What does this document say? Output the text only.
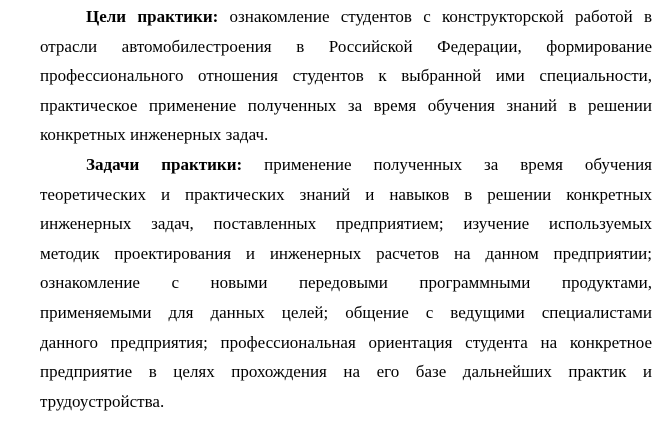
Цели практики: ознакомление студентов с конструкторской работой в
отрасли автомобилестроения в Российской Федерации, формирование
профессионального отношения студентов к выбранной ими специальности,
практическое применение полученных за время обучения знаний в решении
конкретных инженерных задач.
Задачи практики: применение полученных за время обучения
теоретических и практических знаний и навыков в решении конкретных
инженерных задач, поставленных предприятием; изучение используемых
методик проектирования и инженерных расчетов на данном предприятии;
ознакомление с новыми передовыми программными продуктами,
применяемыми для данных целей; общение с ведущими специалистами
данного предприятия; профессиональная ориентация студента на конкретное
предприятие в целях прохождения на его базе дальнейших практик и
трудоустройства.
